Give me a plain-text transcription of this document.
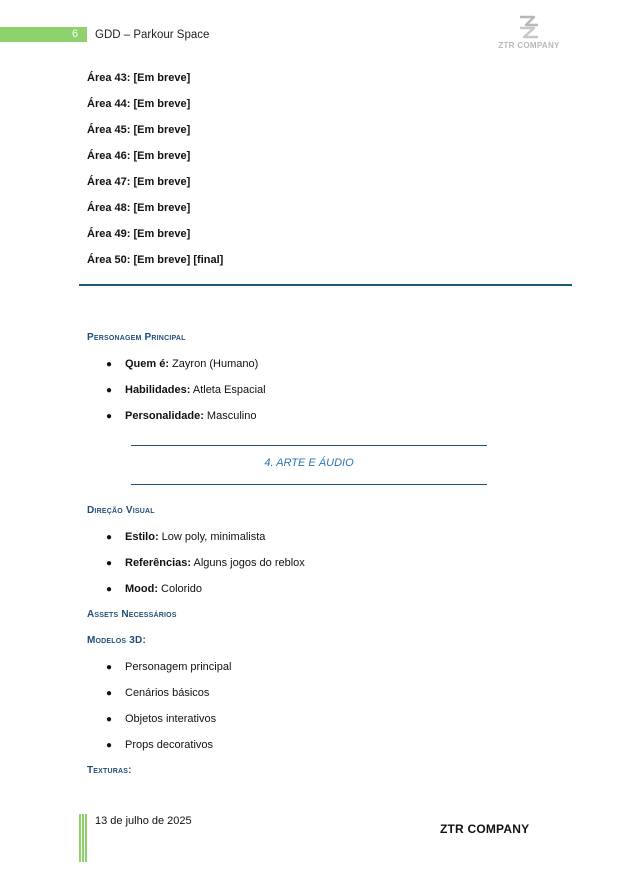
6	GDD – Parkour Space
ZTR COMPANY
Área 43: [Em breve]
Área 44: [Em breve]
Área 45: [Em breve]
Área 46: [Em breve]
Área 47: [Em breve]
Área 48: [Em breve]
Área 49: [Em breve]
Área 50: [Em breve] [final]
Personagem Principal
● Quem é: Zayron (Humano)
● Habilidades: Atleta Espacial
● Personalidade: Masculino
4. ARTE E ÁUDIO
Direção Visual
● Estilo: Low poly, minimalista
● Referências: Alguns jogos do reblox
● Mood: Colorido
Assets Necessários
Modelos 3D:
● Personagem principal
● Cenários básicos
● Objetos interativos
● Props decorativos
Texturas:
13 de julho de 2025
ZTR COMPANY
